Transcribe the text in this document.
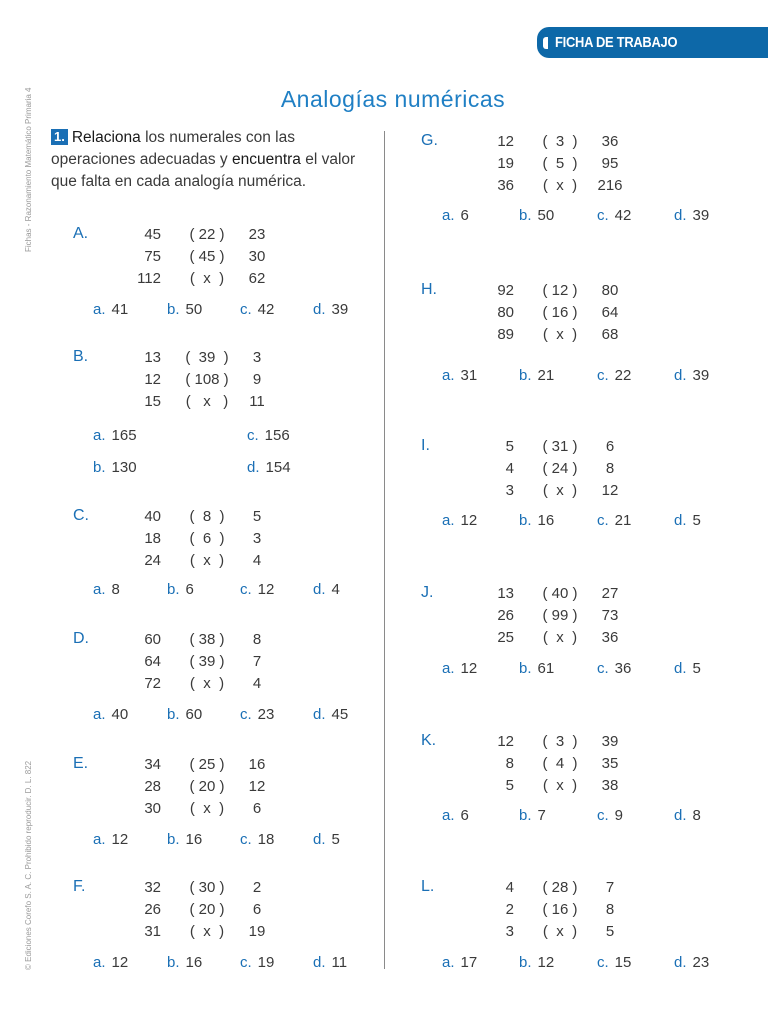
FICHA DE TRABAJO
Analogías numéricas
Fichas - Razonamiento Matemático Primaria 4
© Ediciones Corefo S. A. C. Prohibido reproducir. D. L. 822
1. Relaciona los numerales con las operaciones adecuadas y encuentra el valor que falta en cada analogía numérica.
A.	45	( 22 )	23
75	( 45 )	30
112	(  x  )	62
a. 41	b. 50	c. 42	d. 39
B.	13	(  39  )	3
12	( 108 )	9
15	(   x   )	11
a. 165	c. 156
b. 130	d. 154
C.	40	(  8  )	5
18	(  6  )	3
24	(  x  )	4
a. 8	b. 6	c. 12	d. 4
D.	60	( 38 )	8
64	( 39 )	7
72	(  x  )	4
a. 40	b. 60	c. 23	d. 45
E.	34	( 25 )	16
28	( 20 )	12
30	(  x  )	6
a. 12	b. 16	c. 18	d. 5
F.	32	( 30 )	2
26	( 20 )	6
31	(  x  )	19
a. 12	b. 16	c. 19	d. 11
G.	12	(  3  )	36
19	(  5  )	95
36	(  x  )	216
a. 6	b. 50	c. 42	d. 39
H.	92	( 12 )	80
80	( 16 )	64
89	(  x  )	68
a. 31	b. 21	c. 22	d. 39
I.	5	( 31 )	6
4	( 24 )	8
3	(  x  )	12
a. 12	b. 16	c. 21	d. 5
J.	13	( 40 )	27
26	( 99 )	73
25	(  x  )	36
a. 12	b. 61	c. 36	d. 5
K.	12	(  3  )	39
8	(  4  )	35
5	(  x  )	38
a. 6	b. 7	c. 9	d. 8
L.	4	( 28 )	7
2	( 16 )	8
3	(  x  )	5
a. 17	b. 12	c. 15	d. 23
